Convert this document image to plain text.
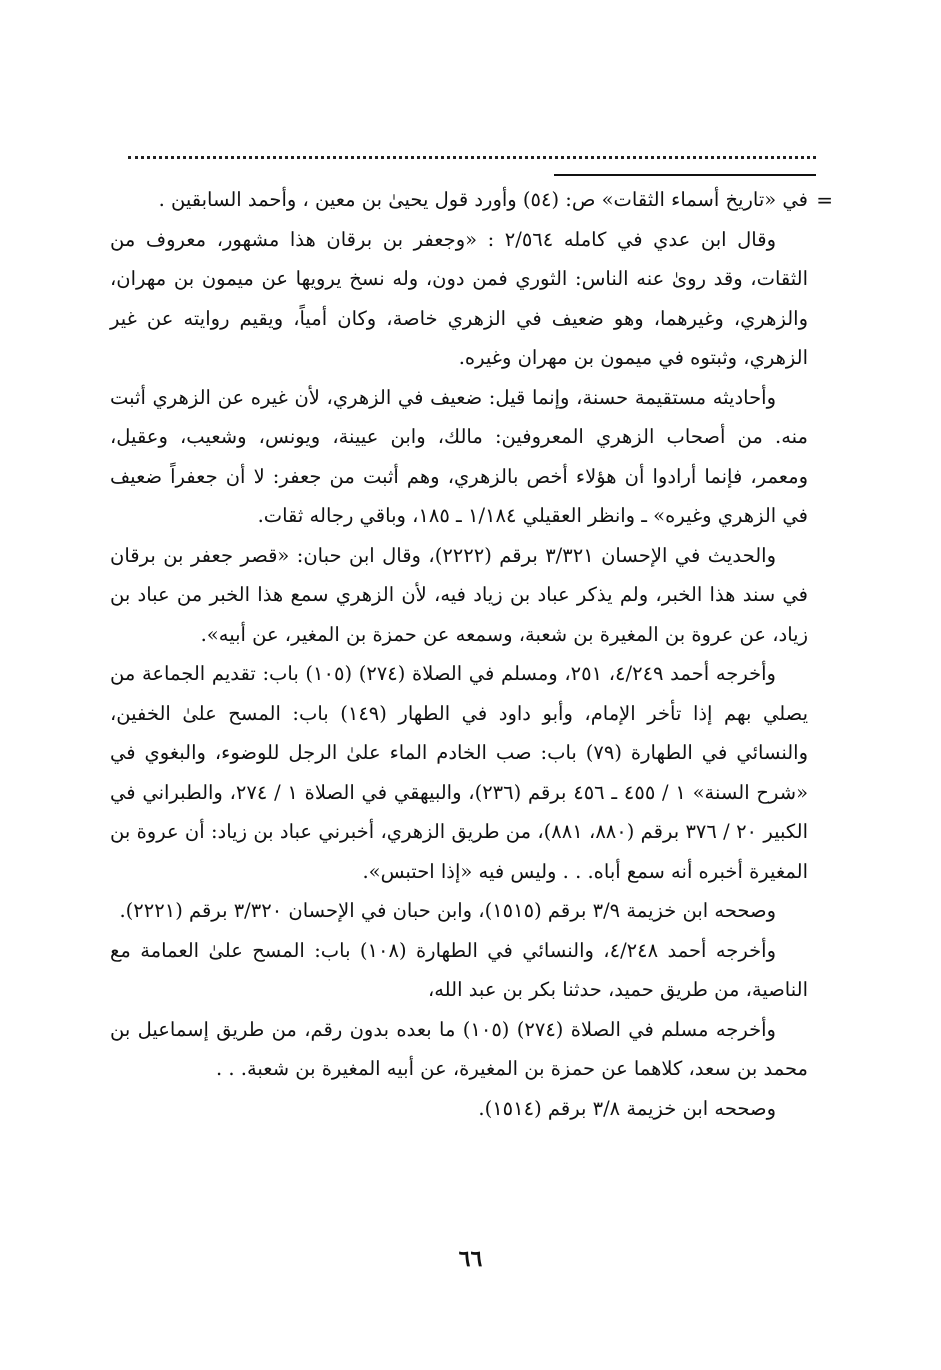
=

في «تاريخ أسماء الثقات» ص: (٥٤) وأورد قول يحيىٰ بن معين ، وأحمد السابقين .

وقال ابن عدي في كامله ٢/٥٦٤ : «وجعفر بن برقان هذا مشهور، معروف من الثقات، وقد روىٰ عنه الناس: الثوري فمن دون، وله نسخ يرويها عن ميمون بن مهران، والزهري، وغيرهما، وهو ضعيف في الزهري خاصة، وكان أمياً، ويقيم روايته عن غير الزهري، وثبتوه في ميمون بن مهران وغيره.

وأحاديثه مستقيمة حسنة، وإنما قيل: ضعيف في الزهري، لأن غيره عن الزهري أثبت منه. من أصحاب الزهري المعروفين: مالك، وابن عيينة، ويونس، وشعيب، وعقيل، ومعمر، فإنما أرادوا أن هؤلاء أخص بالزهري، وهم أثبت من جعفر: لا أن جعفراً ضعيف في الزهري وغيره» ـ وانظر العقيلي ١/١٨٤ ـ ١٨٥، وباقي رجاله ثقات.

والحديث في الإحسان ٣/٣٢١ برقم (٢٢٢٢)، وقال ابن حبان: «قصر جعفر بن برقان في سند هذا الخبر، ولم يذكر عباد بن زياد فيه، لأن الزهري سمع هذا الخبر من عباد بن زياد، عن عروة بن المغيرة بن شعبة، وسمعه عن حمزة بن المغير، عن أبيه».

وأخرجه أحمد ٤/٢٤٩، ٢٥١، ومسلم في الصلاة (٢٧٤) (١٠٥) باب: تقديم الجماعة من يصلي بهم إذا تأخر الإمام، وأبو داود في الطهار (١٤٩) باب: المسح علىٰ الخفين، والنسائي في الطهارة (٧٩) باب: صب الخادم الماء علىٰ الرجل للوضوء، والبغوي في «شرح السنة» ١ / ٤٥٥ ـ ٤٥٦ برقم (٢٣٦)، والبيهقي في الصلاة ١ / ٢٧٤، والطبراني في الكبير ٢٠ / ٣٧٦ برقم (٨٨٠، ٨٨١)، من طريق الزهري، أخبرني عباد بن زياد: أن عروة بن المغيرة أخبره أنه سمع أباه. . . وليس فيه «إذا احتبس».

وصححه ابن خزيمة ٣/٩ برقم (١٥١٥)، وابن حبان في الإحسان ٣/٣٢٠ برقم (٢٢٢١).

وأخرجه أحمد ٤/٢٤٨، والنسائي في الطهارة (١٠٨) باب: المسح علىٰ العمامة مع الناصية، من طريق حميد، حدثنا بكر بن عبد الله،

وأخرجه مسلم في الصلاة (٢٧٤) (١٠٥) ما بعده بدون رقم، من طريق إسماعيل بن محمد بن سعد، كلاهما عن حمزة بن المغيرة، عن أبيه المغيرة بن شعبة. . .

وصححه ابن خزيمة ٣/٨ برقم (١٥١٤).

٦٦
